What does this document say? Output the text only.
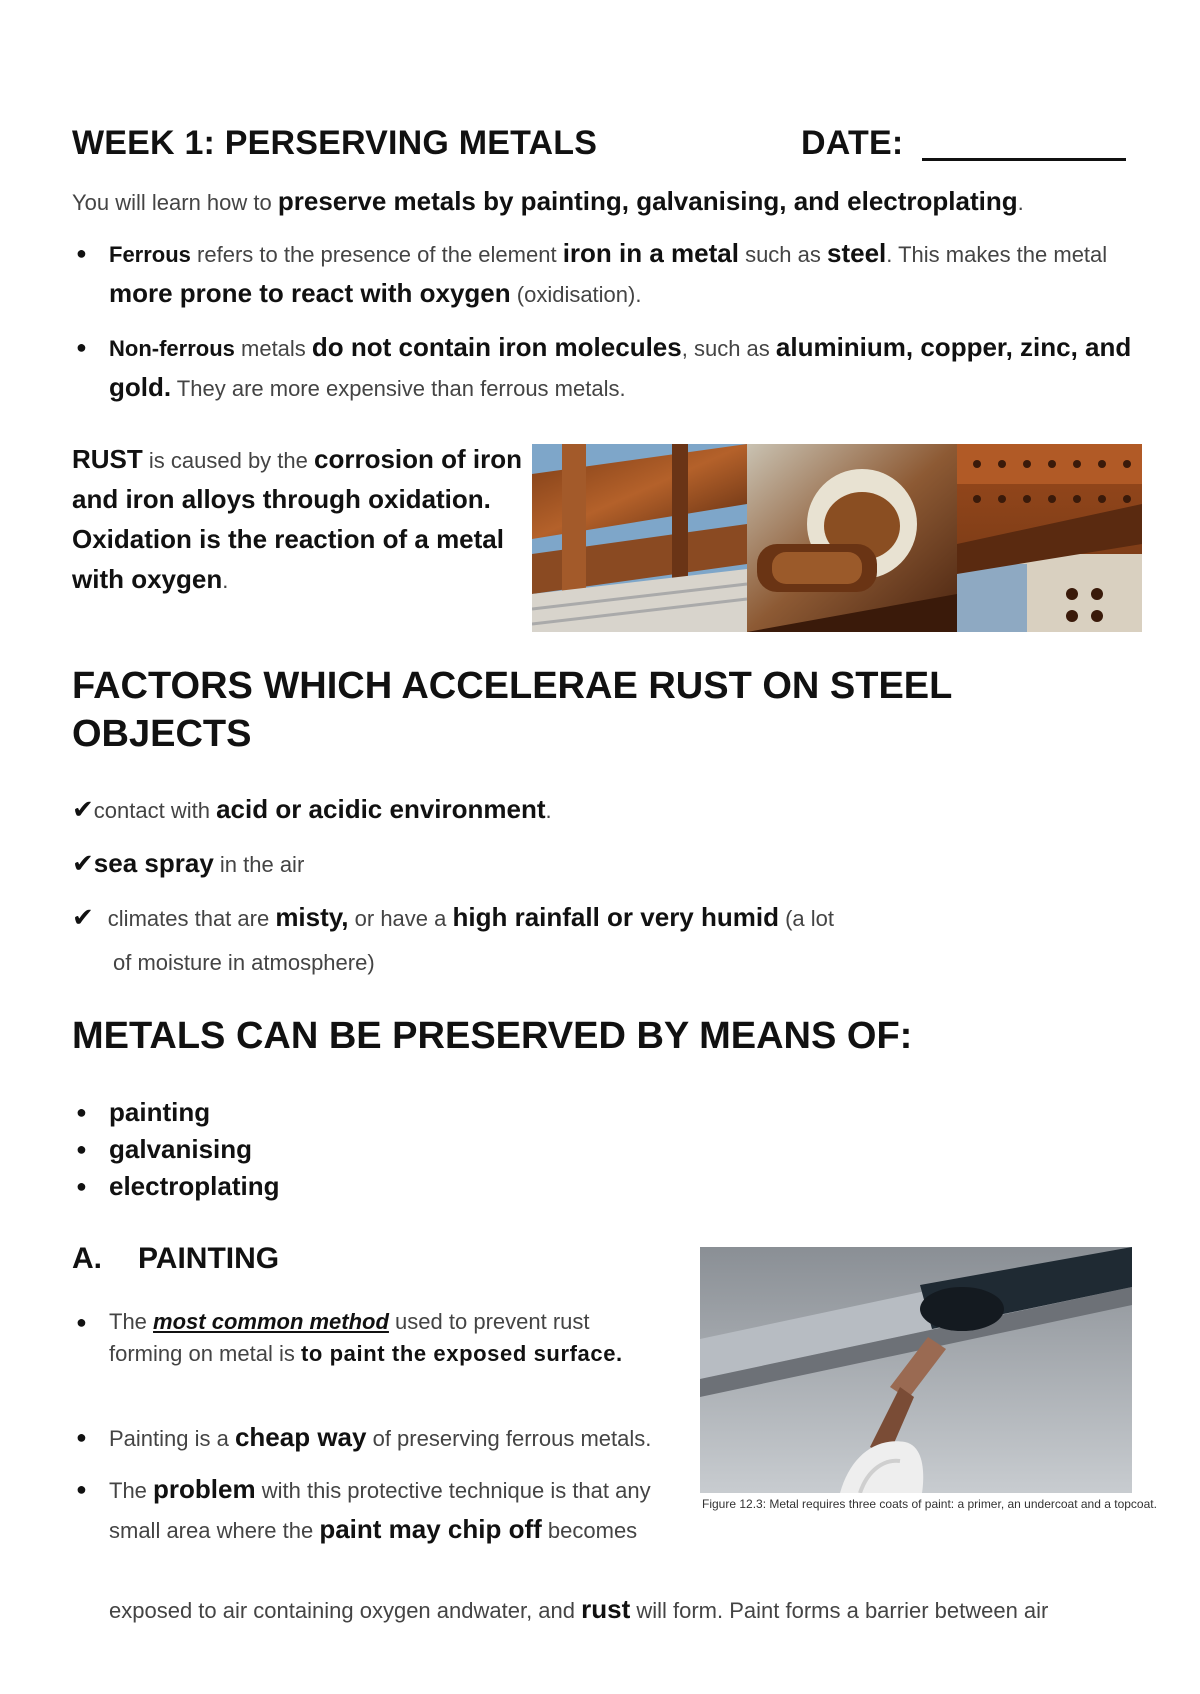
WEEK 1: PERSERVING METALS	DATE:
You will learn how to preserve metals by painting, galvanising, and electroplating.
● Ferrous refers to the presence of the element iron in a metal such as steel. This makes the metal more prone to react with oxygen (oxidisation).
● Non-ferrous metals do not contain iron molecules, such as aluminium, copper, zinc, and gold. They are more expensive than ferrous metals.
RUST is caused by the corrosion of iron and iron alloys through oxidation.
Oxidation is the reaction of a metal with oxygen.
FACTORS WHICH ACCELERAE RUST ON STEEL OBJECTS
✔contact with acid or acidic environment.
✔sea spray in the air
✔ climates that are misty, or have a high rainfall or very humid (a lot
of moisture in atmosphere)
METALS CAN BE PRESERVED BY MEANS OF:
● painting
● galvanising
● electroplating
A. PAINTING
● The most common method used to prevent rust forming on metal is to paint the exposed surface.
● Painting is a cheap way of preserving ferrous metals.
● The problem with this protective technique is that any small area where the paint may chip off becomes
exposed to air containing oxygen andwater, and rust will form. Paint forms a barrier between air
Figure 12.3: Metal requires three coats of paint: a primer, an undercoat and a topcoat.
